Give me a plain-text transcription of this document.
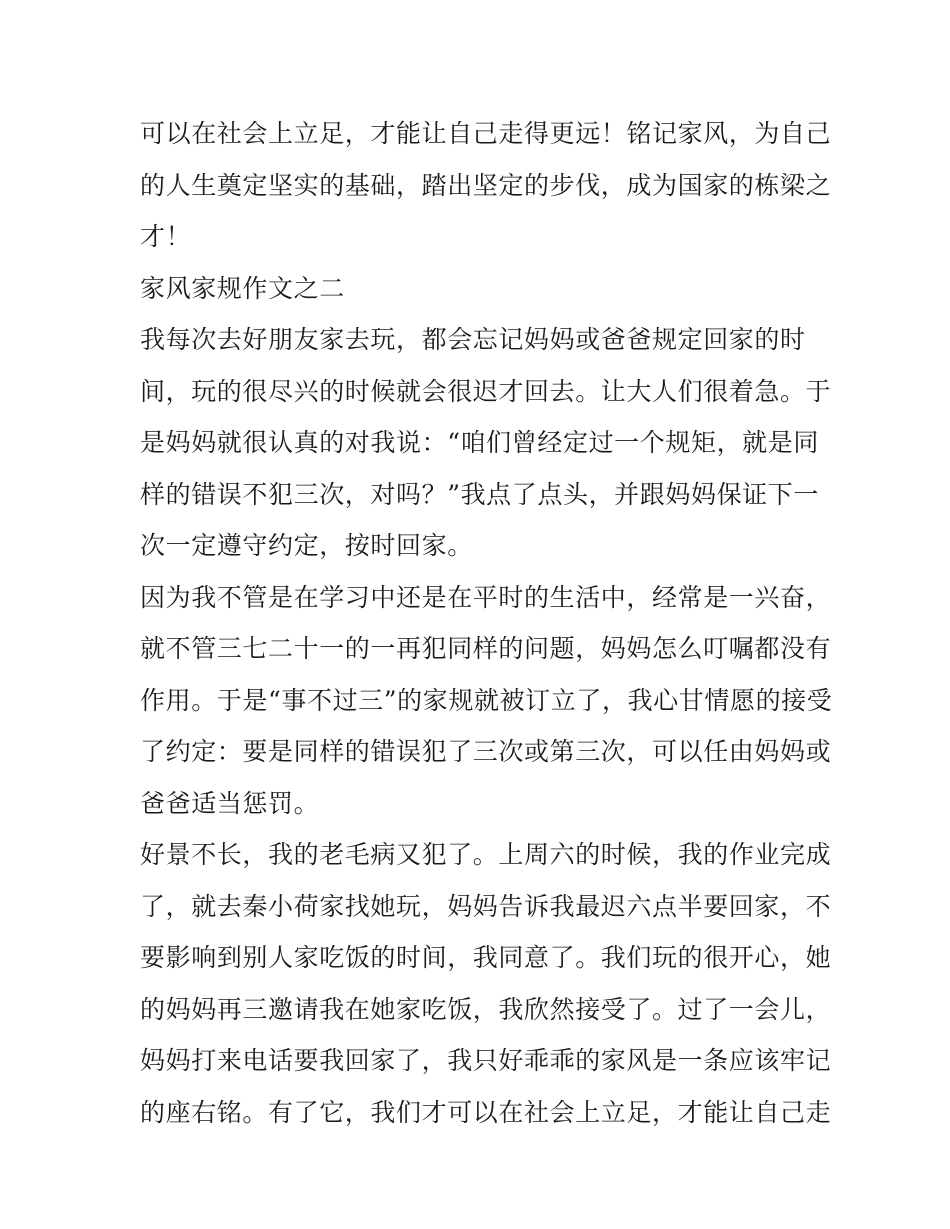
可以在社会上立足，才能让自己走得更远！铭记家风，为自己
的人生奠定坚实的基础，踏出坚定的步伐，成为国家的栋梁之
才！
家风家规作文之二
我每次去好朋友家去玩，都会忘记妈妈或爸爸规定回家的时
间，玩的很尽兴的时候就会很迟才回去。让大人们很着急。于
是妈妈就很认真的对我说：“咱们曾经定过一个规矩，就是同
样的错误不犯三次，对吗？”我点了点头，并跟妈妈保证下一
次一定遵守约定，按时回家。
因为我不管是在学习中还是在平时的生活中，经常是一兴奋，
就不管三七二十一的一再犯同样的问题，妈妈怎么叮嘱都没有
作用。于是“事不过三”的家规就被订立了，我心甘情愿的接受
了约定：要是同样的错误犯了三次或第三次，可以任由妈妈或
爸爸适当惩罚。
好景不长，我的老毛病又犯了。上周六的时候，我的作业完成
了，就去秦小荷家找她玩，妈妈告诉我最迟六点半要回家，不
要影响到别人家吃饭的时间，我同意了。我们玩的很开心，她
的妈妈再三邀请我在她家吃饭，我欣然接受了。过了一会儿，
妈妈打来电话要我回家了，我只好乖乖的家风是一条应该牢记
的座右铭。有了它，我们才可以在社会上立足，才能让自己走
